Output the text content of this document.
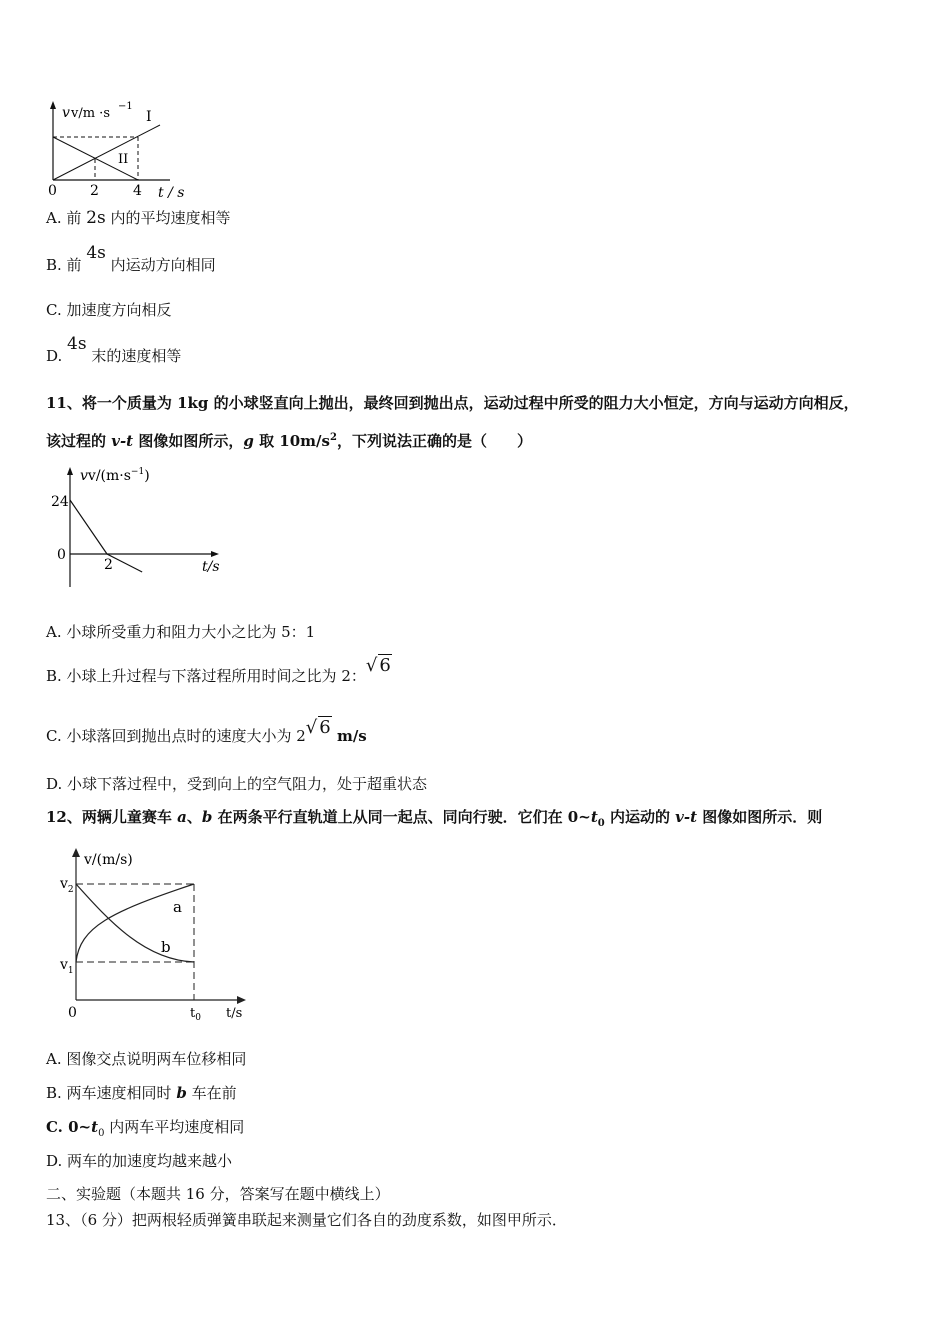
v v/m ·s −1
I
II
0 2 4 t / s
A. 前 2s 内的平均速度相等
B. 前 4s 内运动方向相同
C. 加速度方向相反
D. 4s 末的速度相等
11、将一个质量为 1kg 的小球竖直向上抛出，最终回到抛出点，运动过程中所受的阻力大小恒定，方向与运动方向相反，
该过程的 v-t 图像如图所示，g 取 $10m/s^2$，下列说法正确的是（　　）
$vv/(m\cdot s^{-1})$
24
0
2	t/s
A. 小球所受重力和阻力大小之比为 5：1
B. 小球上升过程与下落过程所用时间之比为 2：√ 6
C. 小球落回到抛出点时的速度大小为 2√ 6 m/s
D. 小球下落过程中，受到向上的空气阻力，处于超重状态
12、两辆儿童赛车 a、b 在两条平行直轨道上从同一起点、同向行驶．它们在 $0\sim t_0$ 内运动的 v-t 图像如图所示．则
v/(m/s)
$v_2$
$v_1$
a
b
0	$t_0$ t/s
A. 图像交点说明两车位移相同
B. 两车速度相同时 b 车在前
C. $0\sim t_0$ 内两车平均速度相同
D. 两车的加速度均越来越小
二、实验题（本题共 16 分，答案写在题中横线上）
13、（6 分）把两根轻质弹簧串联起来测量它们各自的劲度系数，如图甲所示．
